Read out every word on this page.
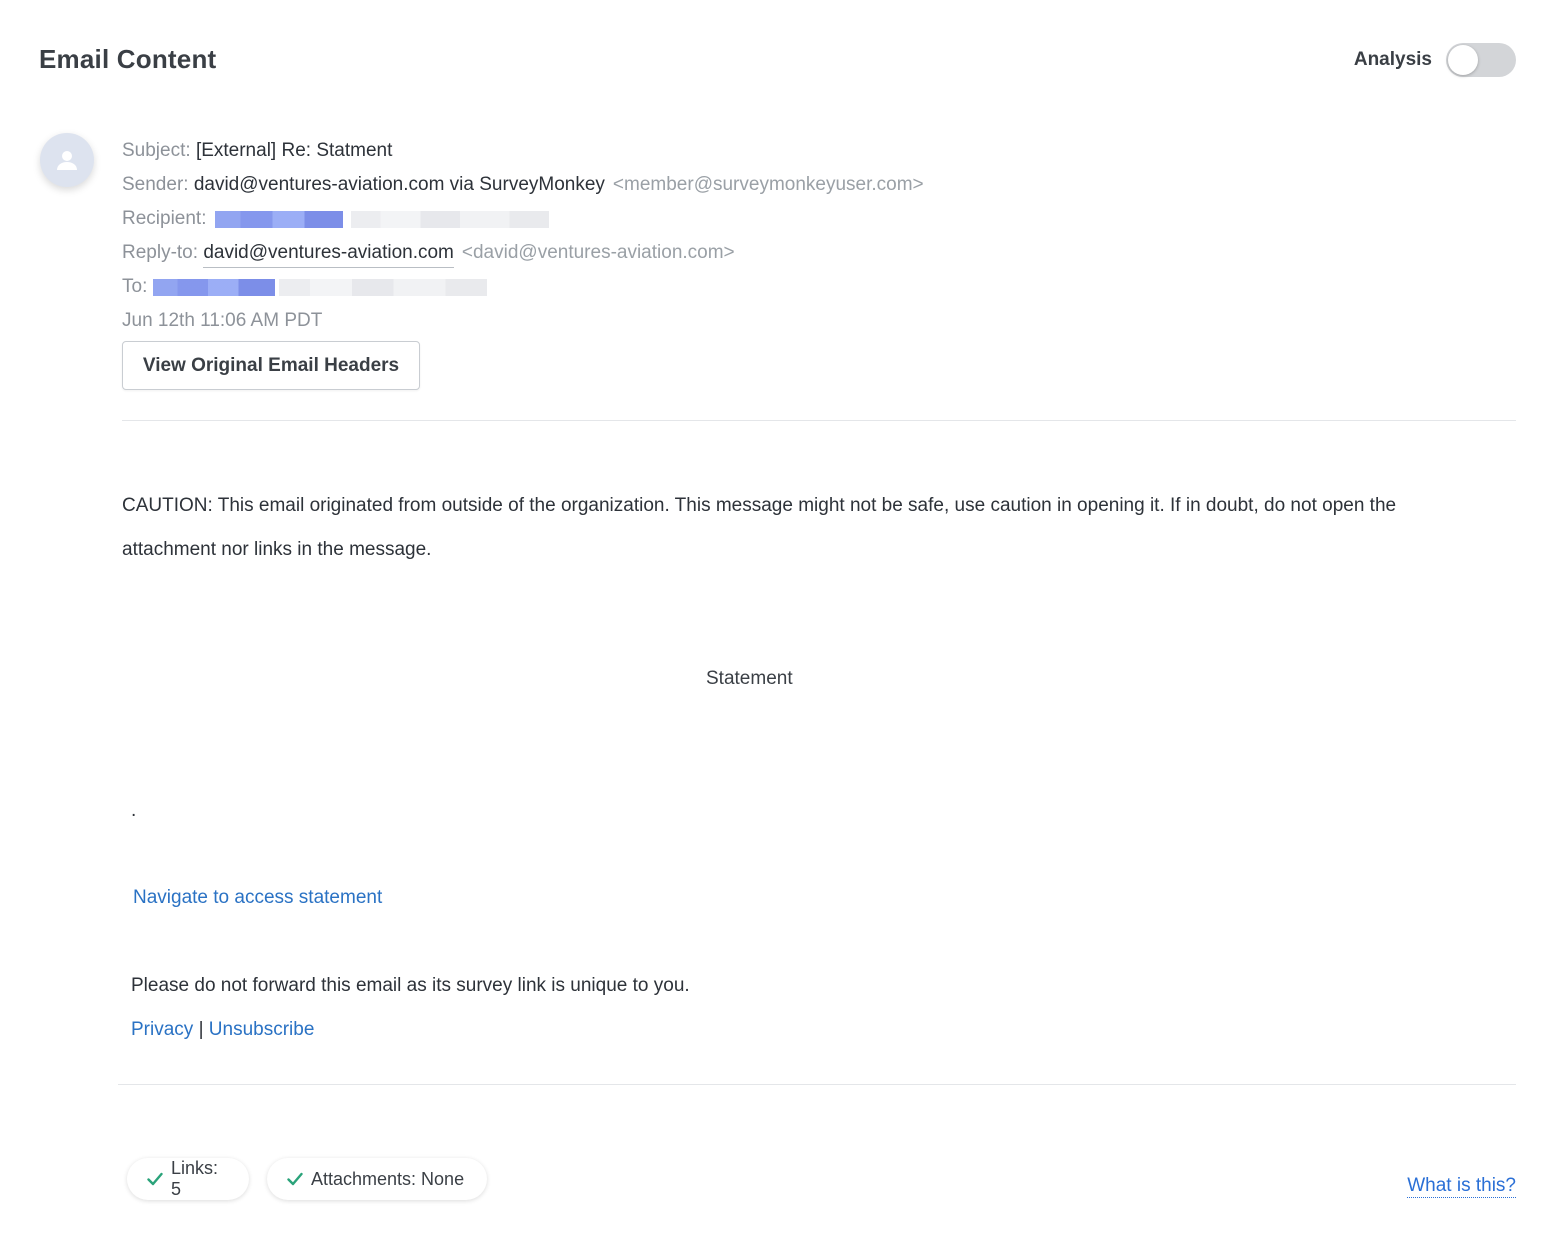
Email Content	Analysis
Subject:
[External] Re: Statment
Sender:
david@ventures-aviation.com via SurveyMonkey <member@surveymonkeyuser.com>
Recipient:
Reply-to:
david@ventures-aviation.com <david@ventures-aviation.com>
To:
Jun 12th 11:06 AM PDT
View Original Email Headers
CAUTION: This email originated from outside of the organization. This message might not be safe, use caution in opening it. If in doubt, do not open the attachment nor links in the message.
Statement
.
Navigate to access statement
Please do not forward this email as its survey link is unique to you.
Privacy | Unsubscribe
Links: 5
Attachments: None	What is this?
